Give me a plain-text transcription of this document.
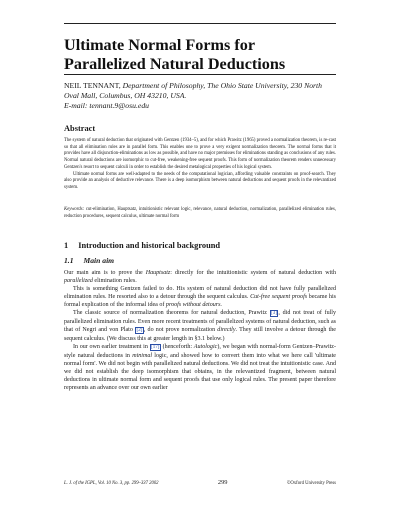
Ultimate Normal Forms for Parallelized Natural Deductions

NEIL TENNANT, Department of Philosophy, The Ohio State University, 230 North Oval Mall, Columbus, OH 43210, USA.
E-mail: tennant.9@osu.edu

Abstract

The system of natural deduction that originated with Gentzen (1934–5), and for which Prawitz (1965) proved a normalization theorem, is re-cast so that all elimination rules are in parallel form. This enables one to prove a very exigent normalization theorem. The normal forms that it provides have all disjunction-eliminations as low as possible, and have no major premisses for eliminations standing as conclusions of any rules. Normal natural deductions are isomorphic to cut-free, weakening-free sequent proofs. This form of normalization theorem renders unnecessary Gentzen's resort to sequent calculi in order to establish the desired metalogical properties of his logical system.

Ultimate normal forms are well-adapted to the needs of the computational logician, affording valuable constraints on proof-search. They also provide an analysis of deductive relevance. There is a deep isomorphism between natural deductions and sequent proofs in the relevantized system.

Keywords: cut-elimination, Hauptsatz, intuitionistic relevant logic, relevance, natural deduction, normalization, parallelized elimination rules, reduction procedures, sequent calculus, ultimate normal form

1 Introduction and historical background
1.1 Main aim

Our main aim is to prove the Hauptsatz: directly for the intuitionistic system of natural deduction with parallelized elimination rules.

This is something Gentzen failed to do. His system of natural deduction did not have fully parallelized elimination rules. He resorted also to a detour through the sequent calculus. Cut-free sequent proofs became his formal explication of the informal idea of proofs without detours.

The classic source of normalization theorems for natural deduction, Prawitz [3] , did not treat of fully parallelized elimination rules. Even more recent treatments of parallelized systems of natural deduction, such as that of Negri and von Plato [2] , do not prove normalization directly. They still involve a detour through the sequent calculus. (We discuss this at greater length in §3.1 below.)

In our own earlier treatment in [17] (henceforth: Autologic), we began with normal-form Gentzen–Prawitz-style natural deductions in minimal logic, and showed how to convert them into what we here call 'ultimate normal form'. We did not begin with parallelized natural deductions. We did not treat the intuitionistic case. And we did not establish the deep isomorphism that obtains, in the relevantized fragment, between natural deductions in ultimate normal form and sequent proofs that use only logical rules. The present paper therefore represents an advance over our own earlier

L. J. of the IGPL, Vol. 10 No. 3, pp. 299–337 2002	299	©Oxford University Press
